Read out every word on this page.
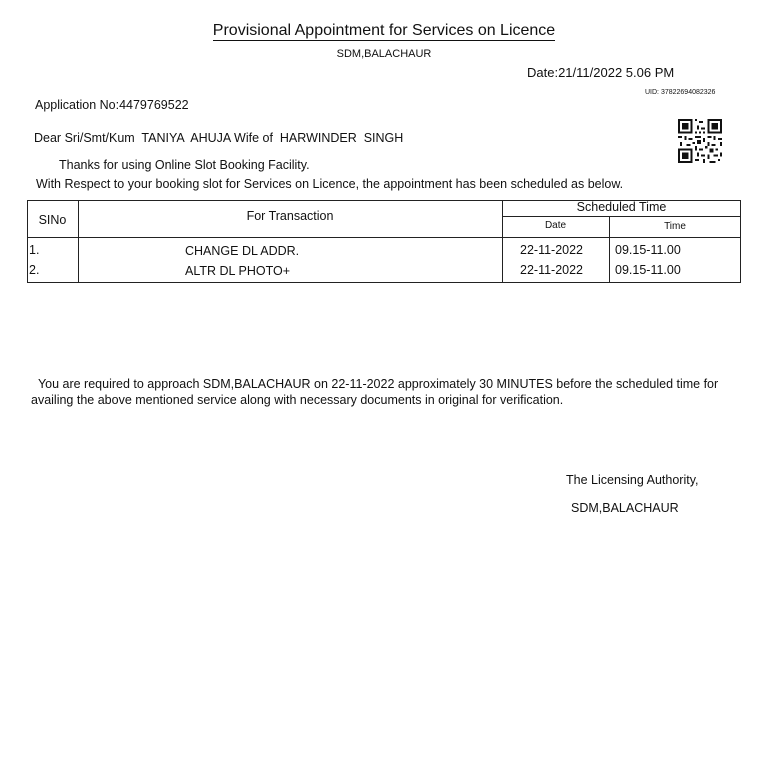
Provisional Appointment for Services on Licence
SDM,BALACHAUR
Date:21/11/2022 5.06 PM
UID: 37822694082326
Application No:4479769522
Dear Sri/Smt/Kum  TANIYA  AHUJA Wife of  HARWINDER  SINGH
Thanks for using Online Slot Booking Facility.
With Respect to your booking slot for Services on Licence, the appointment has been scheduled as below.
SINo	For Transaction
Scheduled Time
Date	Time
1.	CHANGE DL ADDR.	22-11-2022	09.15-11.00
2.	ALTR DL PHOTO+	22-11-2022	09.15-11.00
You are required to approach SDM,BALACHAUR on 22-11-2022 approximately 30 MINUTES before the scheduled time for availing the above mentioned service along with necessary documents in original for verification.
The Licensing Authority,
SDM,BALACHAUR
